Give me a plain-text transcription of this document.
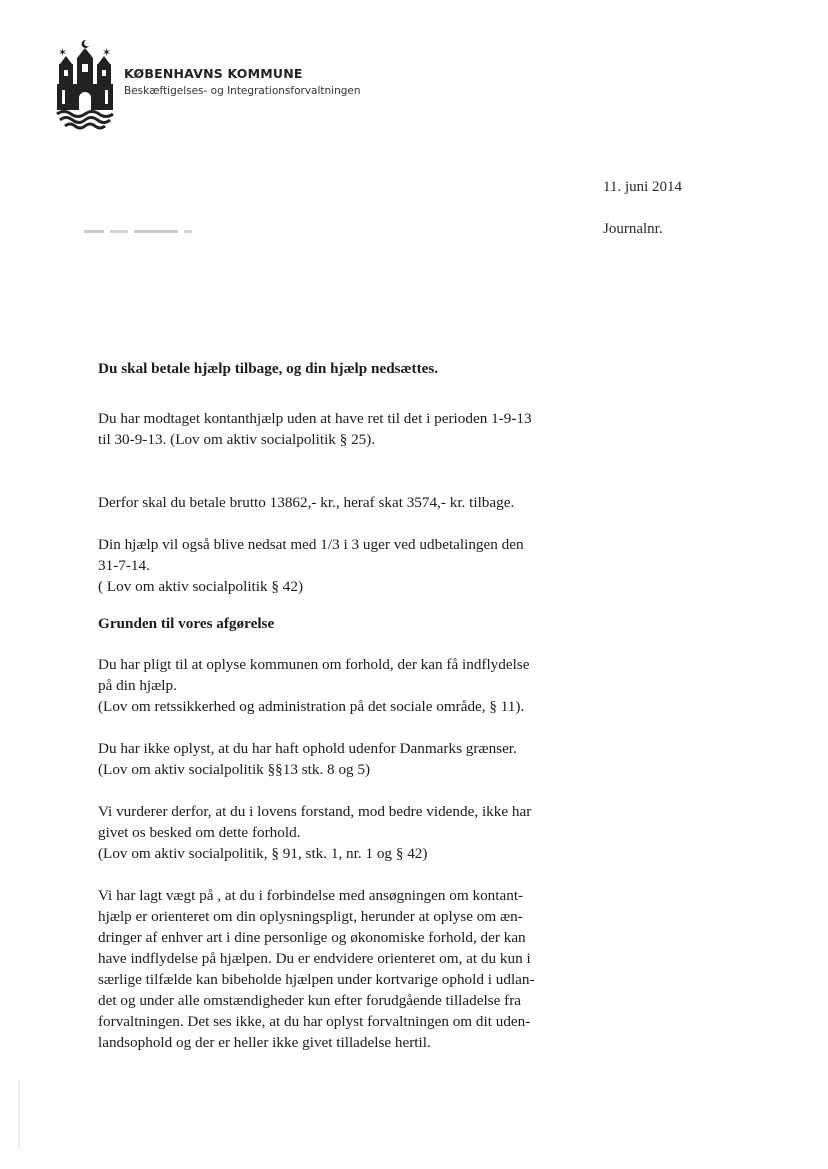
✶	✶
KØBENHAVNS KOMMUNE
Beskæftigelses- og Integrationsforvaltningen
11. juni 2014
Journalnr.

Du skal betale hjælp tilbage, og din hjælp nedsættes.

Du har modtaget kontanthjælp uden at have ret til det i perioden 1-9-13

til 30-9-13. (Lov om aktiv socialpolitik § 25).

Derfor skal du betale brutto 13862,- kr., heraf skat 3574,- kr. tilbage.

Din hjælp vil også blive nedsat med 1/3 i 3 uger ved udbetalingen den

31-7-14.

( Lov om aktiv socialpolitik § 42)

Grunden til vores afgørelse

Du har pligt til at oplyse kommunen om forhold, der kan få indflydelse

på din hjælp.

(Lov om retssikkerhed og administration på det sociale område, § 11).

Du har ikke oplyst, at du har haft ophold udenfor Danmarks grænser.

(Lov om aktiv socialpolitik §§13 stk. 8 og 5)

Vi vurderer derfor, at du i lovens forstand, mod bedre vidende, ikke har

givet os besked om dette forhold.

(Lov om aktiv socialpolitik, § 91, stk. 1, nr. 1 og § 42)

Vi har lagt vægt på , at du i forbindelse med ansøgningen om kontant-

hjælp er orienteret om din oplysningspligt, herunder at oplyse om æn-

dringer af enhver art i dine personlige og økonomiske forhold, der kan

have indflydelse på hjælpen. Du er endvidere orienteret om, at du kun i

særlige tilfælde kan bibeholde hjælpen under kortvarige ophold i udlan-

det og under alle omstændigheder kun efter forudgående tilladelse fra

forvaltningen. Det ses ikke, at du har oplyst forvaltningen om dit uden-

landsophold og der er heller ikke givet tilladelse hertil.
